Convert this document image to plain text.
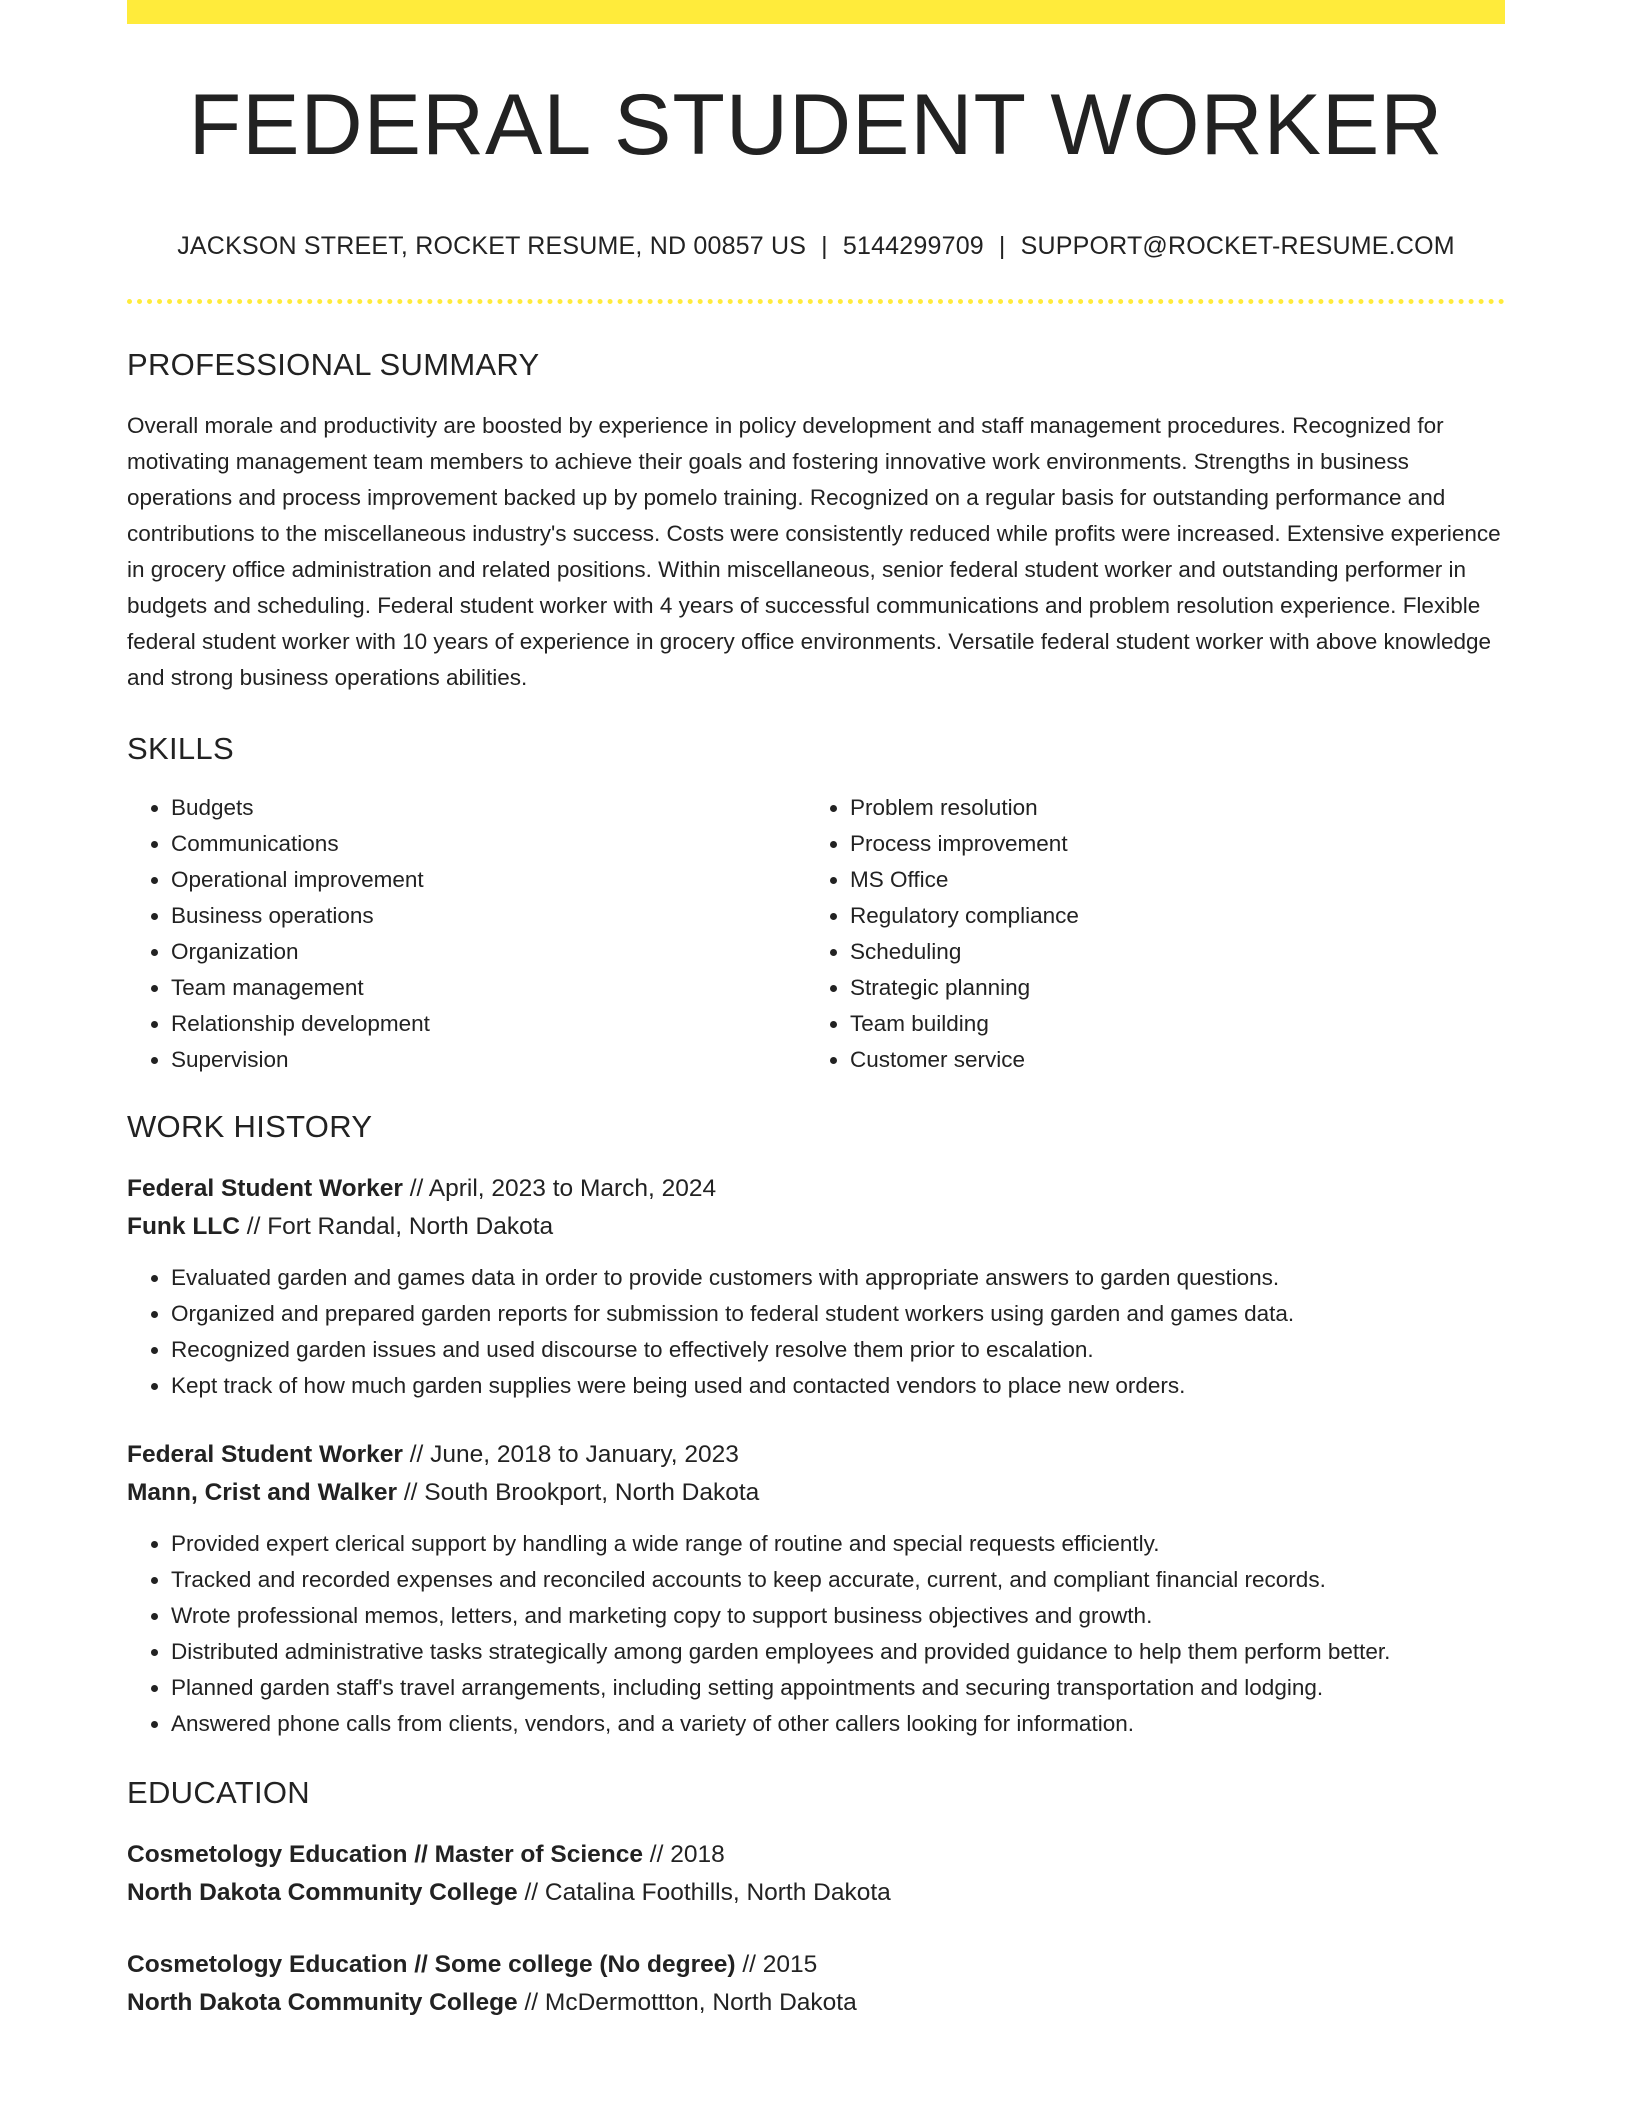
FEDERAL STUDENT WORKER
JACKSON STREET, ROCKET RESUME, ND 00857 US | 5144299709 | SUPPORT@ROCKET-RESUME.COM
PROFESSIONAL SUMMARY

Overall morale and productivity are boosted by experience in policy development and staff management procedures. Recognized for motivating management team members to achieve their goals and fostering innovative work environments. Strengths in business operations and process improvement backed up by pomelo training. Recognized on a regular basis for outstanding performance and contributions to the miscellaneous industry's success. Costs were consistently reduced while profits were increased. Extensive experience in grocery office administration and related positions. Within miscellaneous, senior federal student worker and outstanding performer in budgets and scheduling. Federal student worker with 4 years of successful communications and problem resolution experience. Flexible federal student worker with 10 years of experience in grocery office environments. Versatile federal student worker with above knowledge and strong business operations abilities.

SKILLS
• Budgets
• Communications
• Operational improvement
• Business operations
• Organization
• Team management
• Relationship development
• Supervision
• Problem resolution
• Process improvement
• MS Office
• Regulatory compliance
• Scheduling
• Strategic planning
• Team building
• Customer service
WORK HISTORY
Federal Student Worker // April, 2023 to March, 2024
Funk LLC // Fort Randal, North Dakota
• Evaluated garden and games data in order to provide customers with appropriate answers to garden questions.
• Organized and prepared garden reports for submission to federal student workers using garden and games data.
• Recognized garden issues and used discourse to effectively resolve them prior to escalation.
• Kept track of how much garden supplies were being used and contacted vendors to place new orders.
Federal Student Worker // June, 2018 to January, 2023
Mann, Crist and Walker // South Brookport, North Dakota
• Provided expert clerical support by handling a wide range of routine and special requests efficiently.
• Tracked and recorded expenses and reconciled accounts to keep accurate, current, and compliant financial records.
• Wrote professional memos, letters, and marketing copy to support business objectives and growth.
• Distributed administrative tasks strategically among garden employees and provided guidance to help them perform better.
• Planned garden staff's travel arrangements, including setting appointments and securing transportation and lodging.
• Answered phone calls from clients, vendors, and a variety of other callers looking for information.
EDUCATION
Cosmetology Education // Master of Science // 2018
North Dakota Community College // Catalina Foothills, North Dakota
Cosmetology Education // Some college (No degree) // 2015
North Dakota Community College // McDermottton, North Dakota
